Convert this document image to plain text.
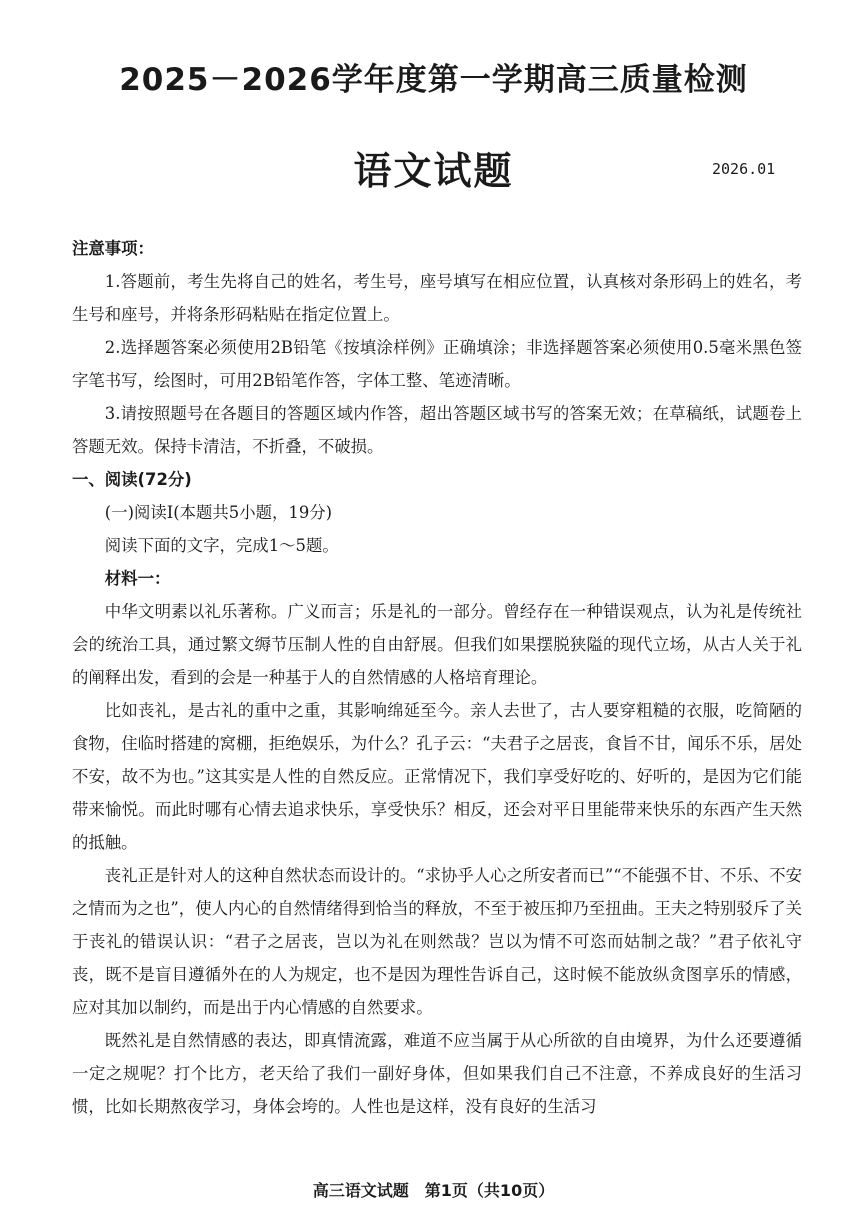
2025－2026学年度第一学期高三质量检测
语文试题	2026.01

注意事项：

1.答题前，考生先将自己的姓名，考生号，座号填写在相应位置，认真核对条形码上的姓名，考生号和座号，并将条形码粘贴在指定位置上。

2.选择题答案必须使用2B铅笔《按填涂样例》正确填涂；非选择题答案必须使用0.5毫米黑色签字笔书写，绘图时，可用2B铅笔作答，字体工整、笔迹清晰。

3.请按照题号在各题目的答题区域内作答，超出答题区域书写的答案无效；在草稿纸，试题卷上答题无效。保持卡清洁，不折叠，不破损。

一、阅读(72分)

(一)阅读Ⅰ(本题共5小题，19分)

阅读下面的文字，完成1～5题。

材料一：

中华文明素以礼乐著称。广义而言；乐是礼的一部分。曾经存在一种错误观点，认为礼是传统社会的统治工具，通过繁文缛节压制人性的自由舒展。但我们如果摆脱狭隘的现代立场，从古人关于礼的阐释出发，看到的会是一种基于人的自然情感的人格培育理论。

比如丧礼，是古礼的重中之重，其影响绵延至今。亲人去世了，古人要穿粗糙的衣服，吃简陋的食物，住临时搭建的窝棚，拒绝娱乐，为什么？孔子云：“夫君子之居丧，食旨不甘，闻乐不乐，居处不安，故不为也。”这其实是人性的自然反应。正常情况下，我们享受好吃的、好听的，是因为它们能带来愉悦。而此时哪有心情去追求快乐，享受快乐？相反，还会对平日里能带来快乐的东西产生天然的抵触。

丧礼正是针对人的这种自然状态而设计的。“求协乎人心之所安者而已”“不能强不甘、不乐、不安之情而为之也”，使人内心的自然情绪得到恰当的释放，不至于被压抑乃至扭曲。王夫之特别驳斥了关于丧礼的错误认识：“君子之居丧，岂以为礼在则然哉？岂以为情不可恣而姑制之哉？”君子依礼守丧，既不是盲目遵循外在的人为规定，也不是因为理性告诉自己，这时候不能放纵贪图享乐的情感，应对其加以制约，而是出于内心情感的自然要求。

既然礼是自然情感的表达，即真情流露，难道不应当属于从心所欲的自由境界，为什么还要遵循一定之规呢？打个比方，老天给了我们一副好身体，但如果我们自己不注意，不养成良好的生活习惯，比如长期熬夜学习，身体会垮的。人性也是这样，没有良好的生活习

高三语文试题　第1页（共10页）
